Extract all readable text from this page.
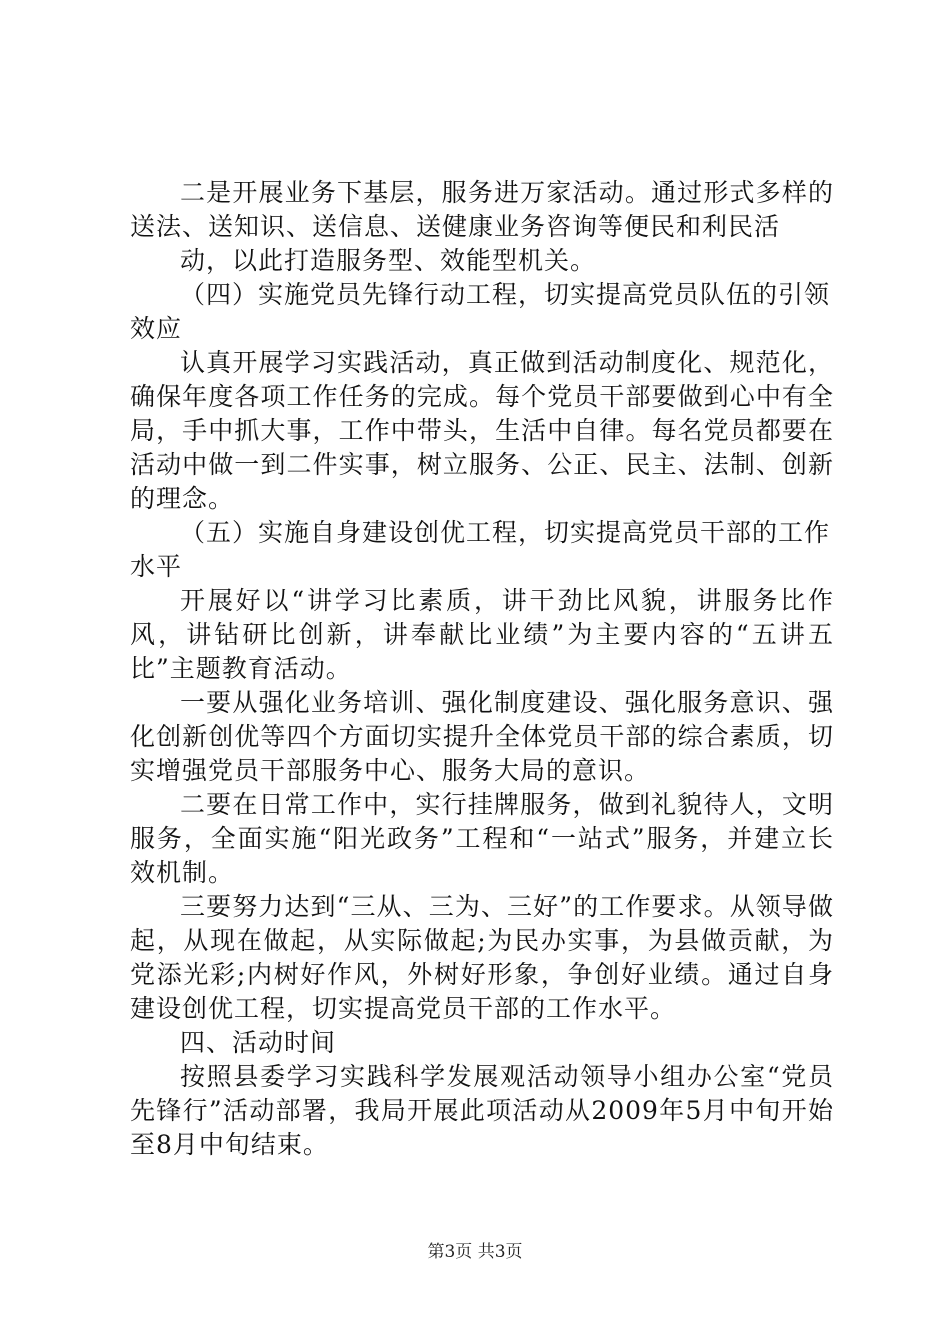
二是开展业务下基层，服务进万家活动。通过形式多样的送法、送知识、送信息、送健康业务咨询等便民和利民活

动，以此打造服务型、效能型机关。

（四）实施党员先锋行动工程，切实提高党员队伍的引领效应

认真开展学习实践活动，真正做到活动制度化、规范化，确保年度各项工作任务的完成。每个党员干部要做到心中有全局，手中抓大事，工作中带头，生活中自律。每名党员都要在活动中做一到二件实事，树立服务、公正、民主、法制、创新的理念。

（五）实施自身建设创优工程，切实提高党员干部的工作水平

开展好以“讲学习比素质，讲干劲比风貌，讲服务比作风，讲钻研比创新，讲奉献比业绩”为主要内容的“五讲五比”主题教育活动。

一要从强化业务培训、强化制度建设、强化服务意识、强化创新创优等四个方面切实提升全体党员干部的综合素质，切实增强党员干部服务中心、服务大局的意识。

二要在日常工作中，实行挂牌服务，做到礼貌待人，文明服务，全面实施“阳光政务”工程和“一站式”服务，并建立长效机制。

三要努力达到“三从、三为、三好”的工作要求。从领导做起，从现在做起，从实际做起;为民办实事，为县做贡献，为党添光彩;内树好作风，外树好形象，争创好业绩。通过自身建设创优工程，切实提高党员干部的工作水平。

四、活动时间

按照县委学习实践科学发展观活动领导小组办公室“党员先锋行”活动部署，我局开展此项活动从2009年5月中旬开始至8月中旬结束。

第3页 共3页
